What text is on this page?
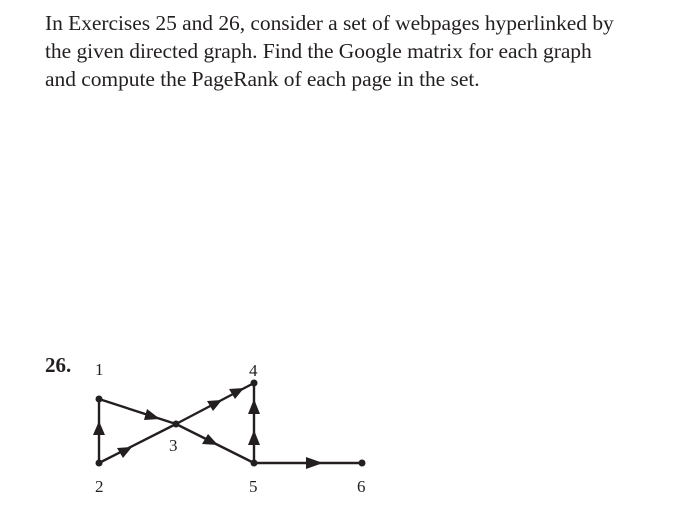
In Exercises 25 and 26, consider a set of webpages hyperlinked by
the given directed graph. Find the Google matrix for each graph
and compute the PageRank of each page in the set.

26. 1
2
3
4
5	6
